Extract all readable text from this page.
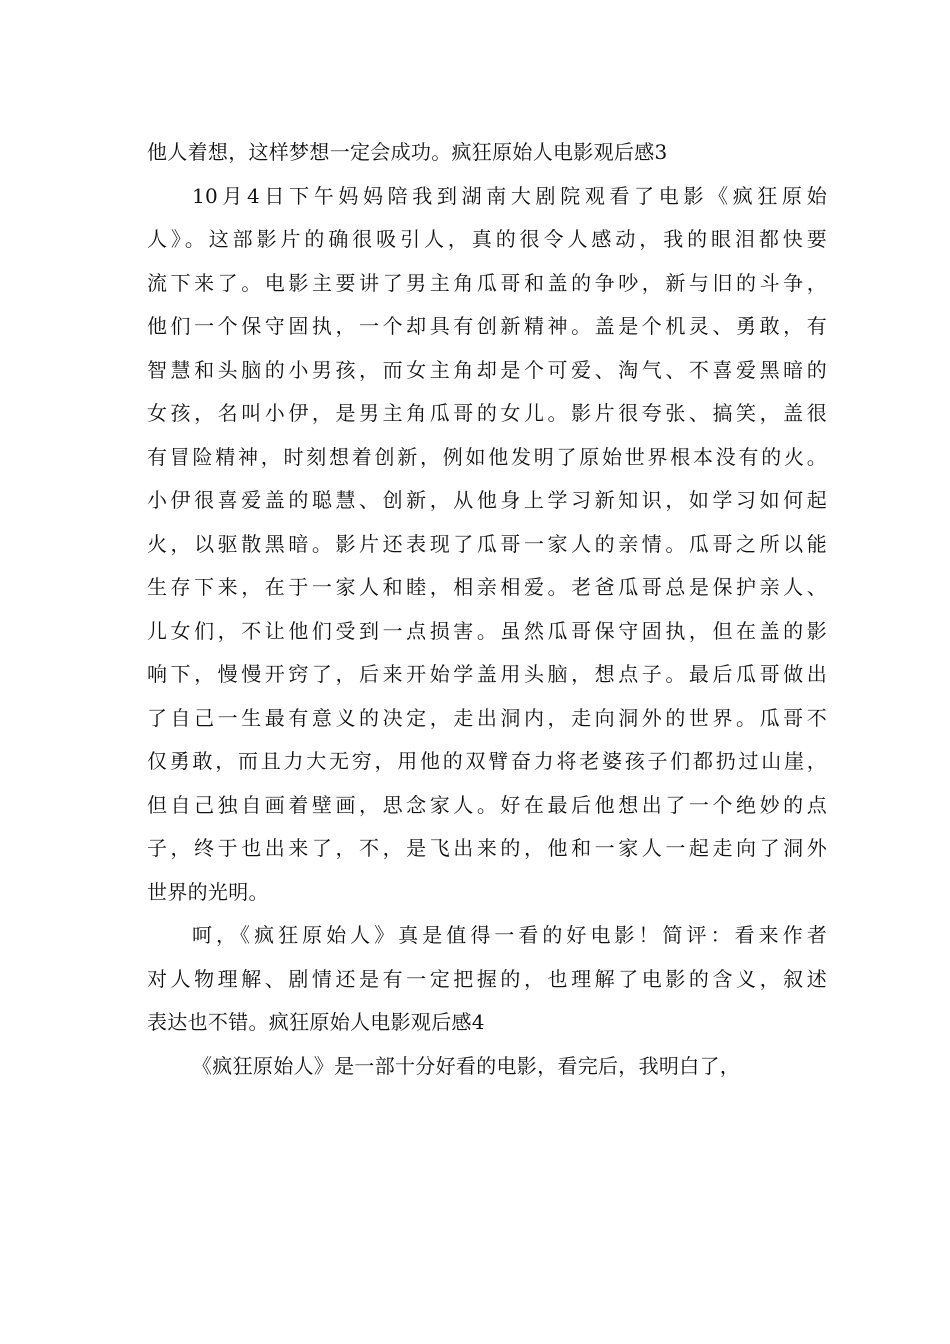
他人着想，这样梦想一定会成功。疯狂原始人电影观后感3
10月4日下午妈妈陪我到湖南大剧院观看了电影《疯狂原始
人》。这部影片的确很吸引人，真的很令人感动，我的眼泪都快要
流下来了。电影主要讲了男主角瓜哥和盖的争吵，新与旧的斗争，
他们一个保守固执，一个却具有创新精神。盖是个机灵、勇敢，有
智慧和头脑的小男孩，而女主角却是个可爱、淘气、不喜爱黑暗的
女孩，名叫小伊，是男主角瓜哥的女儿。影片很夸张、搞笑，盖很
有冒险精神，时刻想着创新，例如他发明了原始世界根本没有的火。
小伊很喜爱盖的聪慧、创新，从他身上学习新知识，如学习如何起
火，以驱散黑暗。影片还表现了瓜哥一家人的亲情。瓜哥之所以能
生存下来，在于一家人和睦，相亲相爱。老爸瓜哥总是保护亲人、
儿女们，不让他们受到一点损害。虽然瓜哥保守固执，但在盖的影
响下，慢慢开窍了，后来开始学盖用头脑，想点子。最后瓜哥做出
了自己一生最有意义的决定，走出洞内，走向洞外的世界。瓜哥不
仅勇敢，而且力大无穷，用他的双臂奋力将老婆孩子们都扔过山崖，
但自己独自画着壁画，思念家人。好在最后他想出了一个绝妙的点
子，终于也出来了，不，是飞出来的，他和一家人一起走向了洞外
世界的光明。
呵，《疯狂原始人》真是值得一看的好电影！简评：看来作者
对人物理解、剧情还是有一定把握的，也理解了电影的含义，叙述
表达也不错。疯狂原始人电影观后感4
《疯狂原始人》是一部十分好看的电影，看完后，我明白了，
